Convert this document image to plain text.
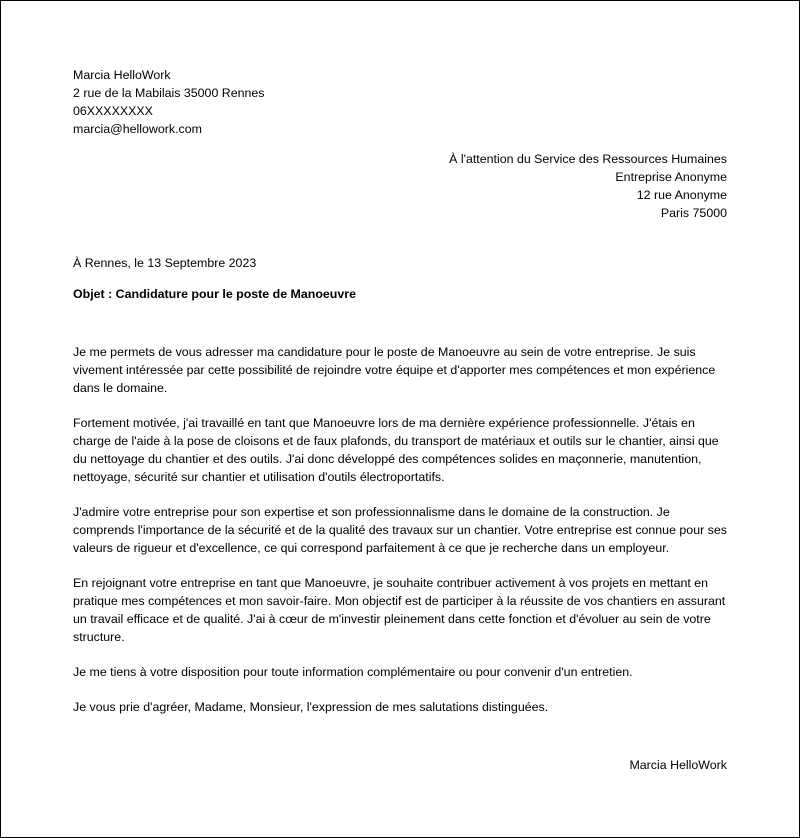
Marcia HelloWork
2 rue de la Mabilais 35000 Rennes
06XXXXXXXX
marcia@hellowork.com
À l'attention du Service des Ressources Humaines
Entreprise Anonyme
12 rue Anonyme
Paris 75000
À Rennes, le 13 Septembre 2023
Objet : Candidature pour le poste de Manoeuvre

Je me permets de vous adresser ma candidature pour le poste de Manoeuvre au sein de votre entreprise. Je suis vivement intéressée par cette possibilité de rejoindre votre équipe et d'apporter mes compétences et mon expérience dans le domaine.

Fortement motivée, j'ai travaillé en tant que Manoeuvre lors de ma dernière expérience professionnelle. J'étais en charge de l'aide à la pose de cloisons et de faux plafonds, du transport de matériaux et outils sur le chantier, ainsi que du nettoyage du chantier et des outils. J'ai donc développé des compétences solides en maçonnerie, manutention, nettoyage, sécurité sur chantier et utilisation d'outils électroportatifs.

J'admire votre entreprise pour son expertise et son professionnalisme dans le domaine de la construction. Je comprends l'importance de la sécurité et de la qualité des travaux sur un chantier. Votre entreprise est connue pour ses valeurs de rigueur et d'excellence, ce qui correspond parfaitement à ce que je recherche dans un employeur.

En rejoignant votre entreprise en tant que Manoeuvre, je souhaite contribuer activement à vos projets en mettant en pratique mes compétences et mon savoir-faire. Mon objectif est de participer à la réussite de vos chantiers en assurant un travail efficace et de qualité. J'ai à cœur de m'investir pleinement dans cette fonction et d'évoluer au sein de votre structure.

Je me tiens à votre disposition pour toute information complémentaire ou pour convenir d'un entretien.

Je vous prie d'agréer, Madame, Monsieur, l'expression de mes salutations distinguées.

Marcia HelloWork
